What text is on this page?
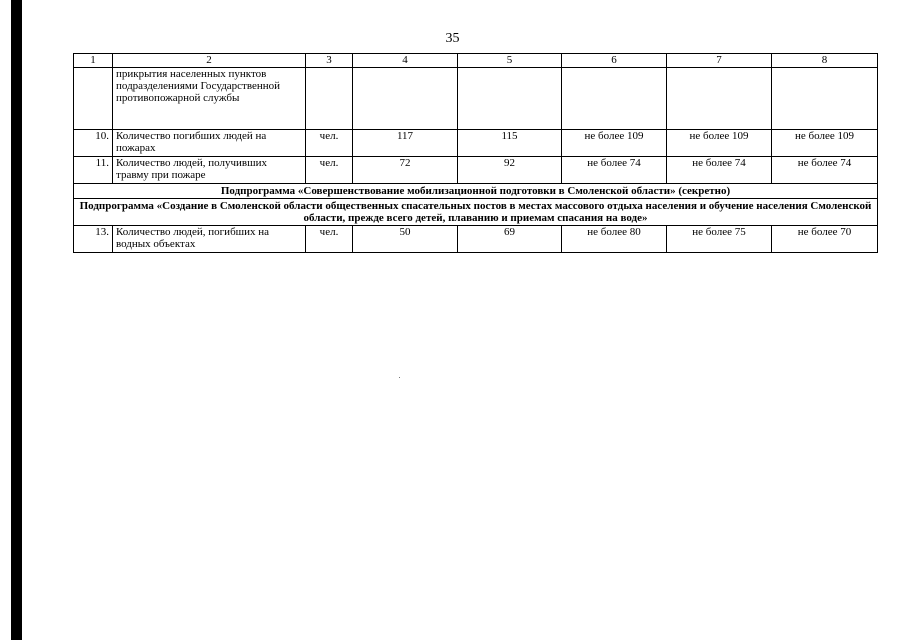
35
1	2	3	4	5	6	7	8
	прикрытия населенных пунктов подразделениями Государственной противопожарной службы						
10.	Количество погибших людей на пожарах	чел.	117	115	не более 109	не более 109	не более 109
11.	Количество людей, получивших травму при пожаре	чел.	72	92	не более 74	не более 74	не более 74
Подпрограмма «Совершенствование мобилизационной подготовки в Смоленской области» (секретно)							
Подпрограмма «Создание в Смоленской области общественных спасательных постов в местах массового отдыха населения и обучение населения Смоленской области, прежде всего детей, плаванию и приемам спасания на воде»							
13.	Количество людей, погибших на водных объектах	чел.	50	69	не более 80	не более 75	не более 70
